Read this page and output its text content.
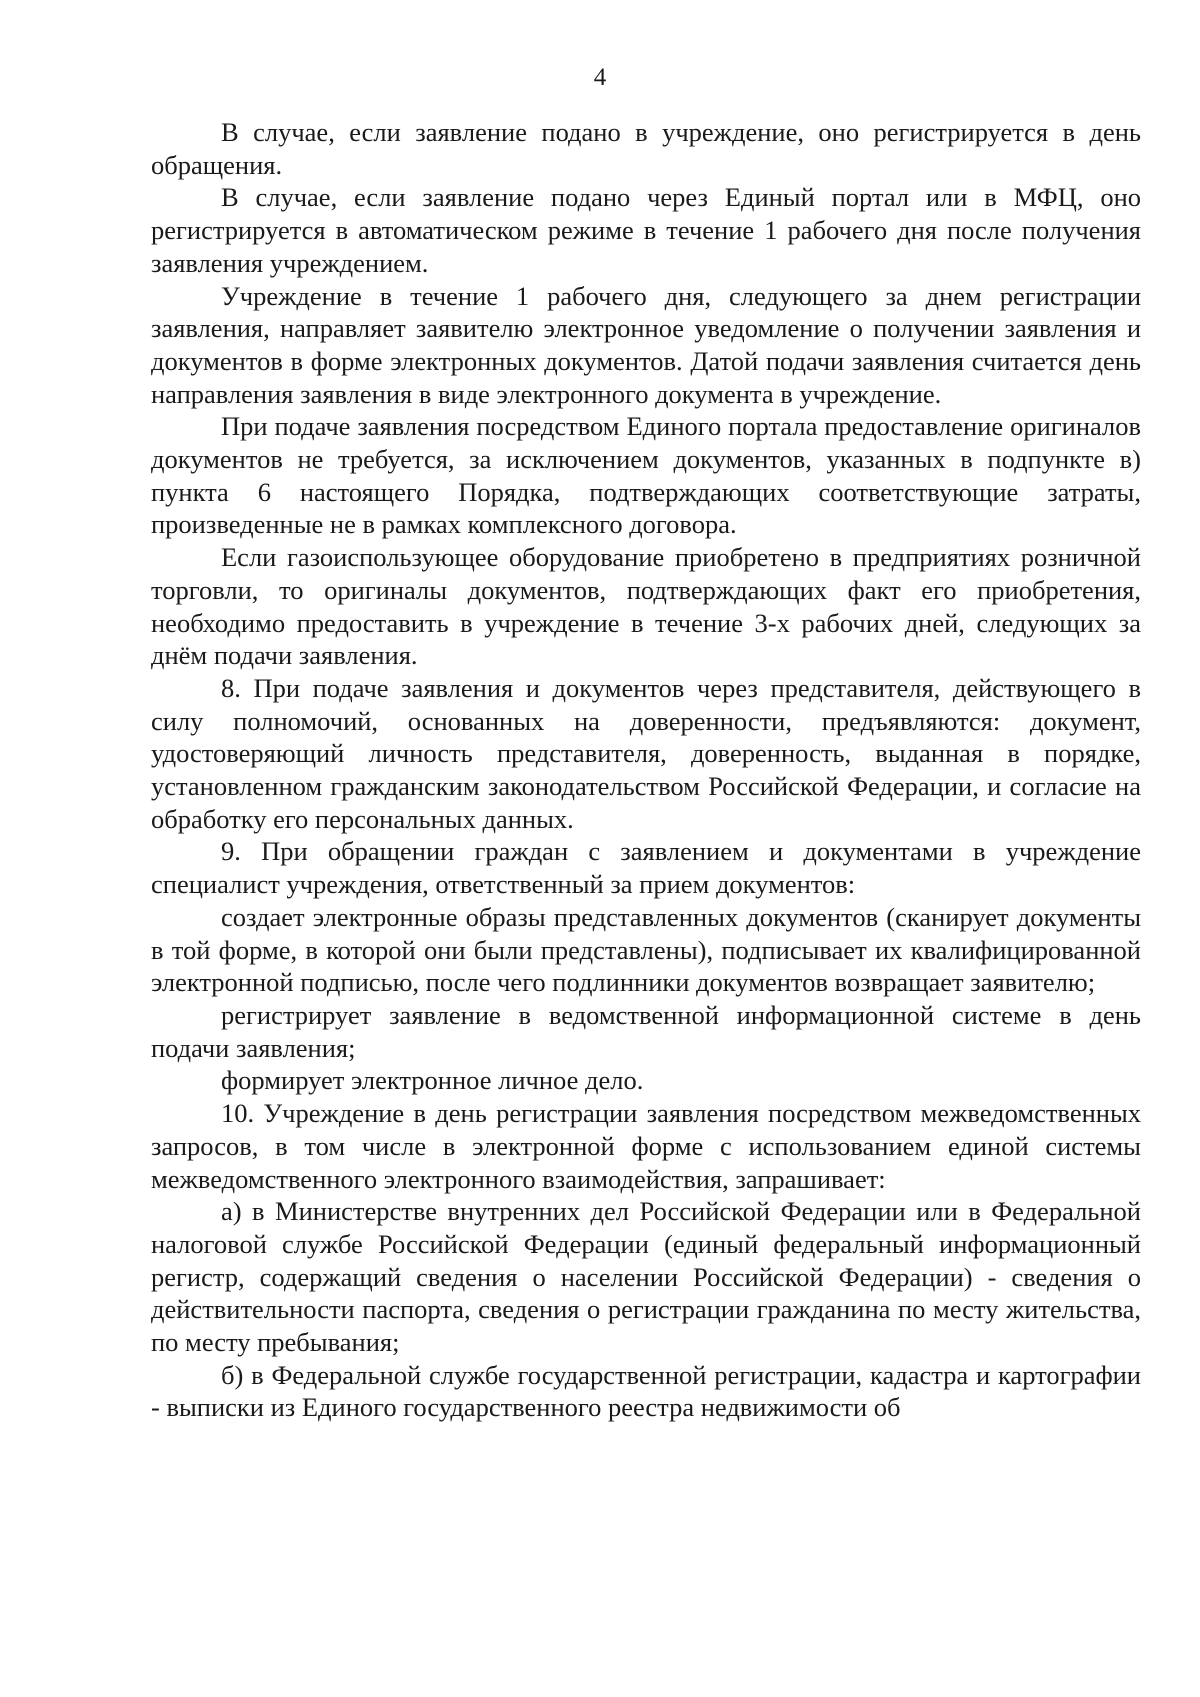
4

В случае, если заявление подано в учреждение, оно регистрируется в день обращения.

В случае, если заявление подано через Единый портал или в МФЦ, оно регистрируется в автоматическом режиме в течение 1 рабочего дня после получения заявления учреждением.

Учреждение в течение 1 рабочего дня, следующего за днем регистрации заявления, направляет заявителю электронное уведомление о получении заявления и документов в форме электронных документов. Датой подачи заявления считается день направления заявления в виде электронного документа в учреждение.

При подаче заявления посредством Единого портала предоставление оригиналов документов не требуется, за исключением документов, указанных в подпункте в) пункта 6 настоящего Порядка, подтверждающих соответствующие затраты, произведенные не в рамках комплексного договора.

Если газоиспользующее оборудование приобретено в предприятиях розничной торговли, то оригиналы документов, подтверждающих факт его приобретения, необходимо предоставить в учреждение в течение 3-х рабочих дней, следующих за днём подачи заявления.

8. При подаче заявления и документов через представителя, действующего в силу полномочий, основанных на доверенности, предъявляются: документ, удостоверяющий личность представителя, доверенность, выданная в порядке, установленном гражданским законодательством Российской Федерации, и согласие на обработку его персональных данных.

9. При обращении граждан с заявлением и документами в учреждение специалист учреждения, ответственный за прием документов:

создает электронные образы представленных документов (сканирует документы в той форме, в которой они были представлены), подписывает их квалифицированной электронной подписью, после чего подлинники документов возвращает заявителю;

регистрирует заявление в ведомственной информационной системе в день подачи заявления;

формирует электронное личное дело.

10. Учреждение в день регистрации заявления посредством межведомственных запросов, в том числе в электронной форме с использованием единой системы межведомственного электронного взаимодействия, запрашивает:

а) в Министерстве внутренних дел Российской Федерации или в Федеральной налоговой службе Российской Федерации (единый федеральный информационный регистр, содержащий сведения о населении Российской Федерации) - сведения о действительности паспорта, сведения о регистрации гражданина по месту жительства, по месту пребывания;

б) в Федеральной службе государственной регистрации, кадастра и картографии - выписки из Единого государственного реестра недвижимости об
